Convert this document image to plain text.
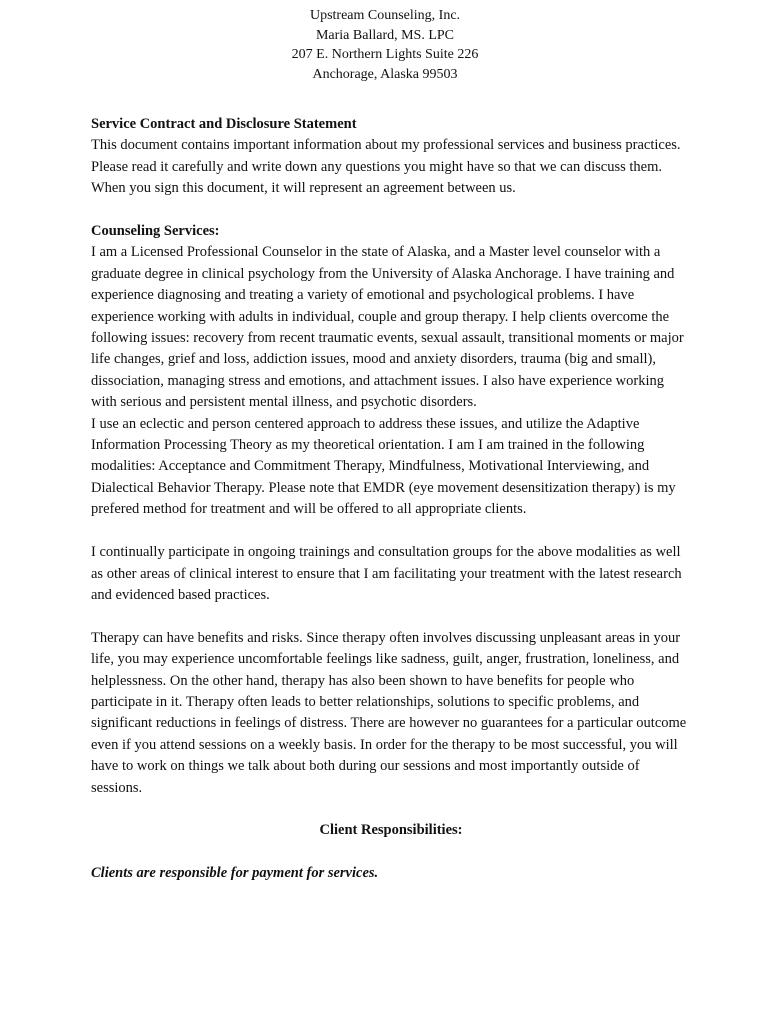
Upstream Counseling, Inc.
Maria Ballard, MS. LPC
207 E. Northern Lights Suite 226
Anchorage, Alaska 99503

Service Contract and Disclosure Statement

This document contains important information about my professional services and business practices. Please read it carefully and write down any questions you might have so that we can discuss them. When you sign this document, it will represent an agreement between us.

Counseling Services:

I am a Licensed Professional Counselor in the state of Alaska, and a Master level counselor with a graduate degree in clinical psychology from the University of Alaska Anchorage. I have training and experience diagnosing and treating a variety of emotional and psychological problems. I have experience working with adults in individual, couple and group therapy. I help clients overcome the following issues: recovery from recent traumatic events, sexual assault, transitional moments or major life changes, grief and loss, addiction issues, mood and anxiety disorders, trauma (big and small), dissociation, managing stress and emotions, and attachment issues. I also have experience working with serious and persistent mental illness, and psychotic disorders.

I use an eclectic and person centered approach to address these issues, and utilize the Adaptive Information Processing Theory as my theoretical orientation. I am I am trained in the following modalities: Acceptance and Commitment Therapy, Mindfulness, Motivational Interviewing, and Dialectical Behavior Therapy. Please note that EMDR (eye movement desensitization therapy) is my prefered method for treatment and will be offered to all appropriate clients.

I continually participate in ongoing trainings and consultation groups for the above modalities as well as other areas of clinical interest to ensure that I am facilitating your treatment with the latest research and evidenced based practices.

Therapy can have benefits and risks. Since therapy often involves discussing unpleasant areas in your life, you may experience uncomfortable feelings like sadness, guilt, anger, frustration, loneliness, and helplessness. On the other hand, therapy has also been shown to have benefits for people who participate in it. Therapy often leads to better relationships, solutions to specific problems, and significant reductions in feelings of distress. There are however no guarantees for a particular outcome even if you attend sessions on a weekly basis. In order for the therapy to be most successful, you will have to work on things we talk about both during our sessions and most importantly outside of sessions.

Client Responsibilities:

Clients are responsible for payment for services.
